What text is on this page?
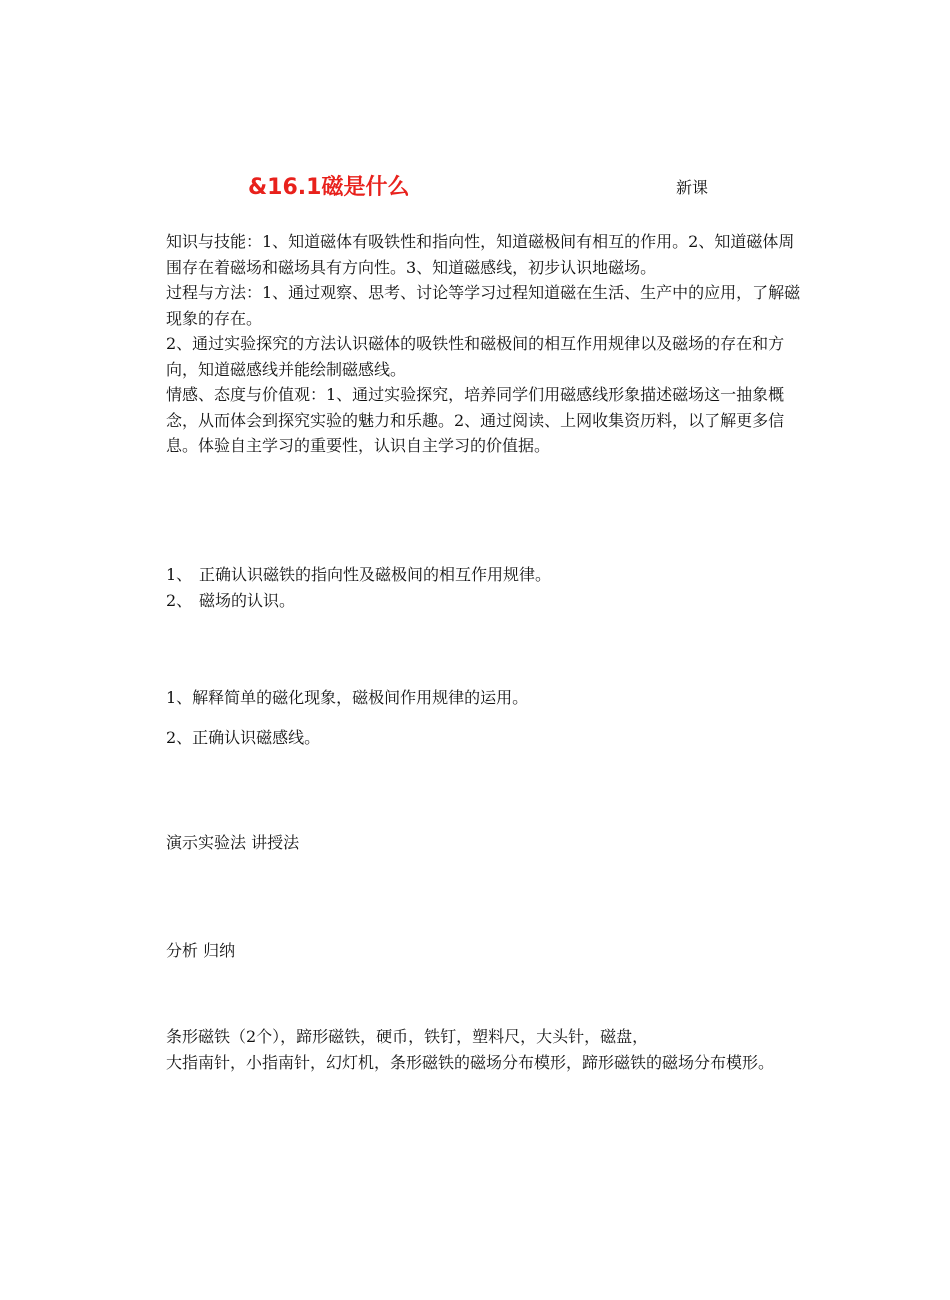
&16.1磁是什么	新课

知识与技能：1、知道磁体有吸铁性和指向性，知道磁极间有相互的作用。2、知道磁体周围存在着磁场和磁场具有方向性。3、知道磁感线，初步认识地磁场。

过程与方法：1、通过观察、思考、讨论等学习过程知道磁在生活、生产中的应用，了解磁现象的存在。

2、通过实验探究的方法认识磁体的吸铁性和磁极间的相互作用规律以及磁场的存在和方向，知道磁感线并能绘制磁感线。

情感、态度与价值观：1、通过实验探究，培养同学们用磁感线形象描述磁场这一抽象概念，从而体会到探究实验的魅力和乐趣。2、通过阅读、上网收集资历料，以了解更多信息。体验自主学习的重要性，认识自主学习的价值据。

1、 正确认识磁铁的指向性及磁极间的相互作用规律。

2、 磁场的认识。

1、解释简单的磁化现象，磁极间作用规律的运用。

2、正确认识磁感线。

演示实验法 讲授法

分析 归纳

条形磁铁（2个），蹄形磁铁，硬币，铁钉，塑料尺，大头针，磁盘，

大指南针，小指南针，幻灯机，条形磁铁的磁场分布模形，蹄形磁铁的磁场分布模形。
